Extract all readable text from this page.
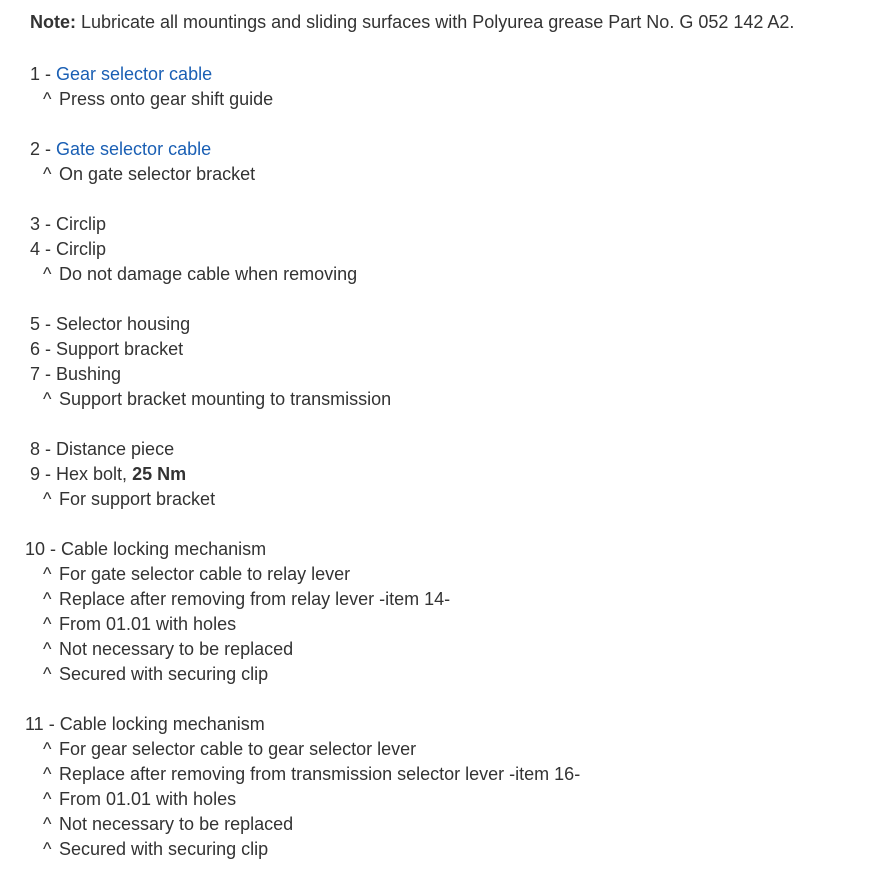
Note: Lubricate all mountings and sliding surfaces with Polyurea grease Part No. G 052 142 A2.
1 - Gear selector cable
^ Press onto gear shift guide
2 - Gate selector cable
^ On gate selector bracket
3 - Circlip
4 - Circlip
^ Do not damage cable when removing
5 - Selector housing
6 - Support bracket
7 - Bushing
^ Support bracket mounting to transmission
8 - Distance piece
9 - Hex bolt, 25 Nm
^ For support bracket
10 - Cable locking mechanism
^ For gate selector cable to relay lever
^ Replace after removing from relay lever -item 14-
^ From 01.01 with holes
^ Not necessary to be replaced
^ Secured with securing clip
11 - Cable locking mechanism
^ For gear selector cable to gear selector lever
^ Replace after removing from transmission selector lever -item 16-
^ From 01.01 with holes
^ Not necessary to be replaced
^ Secured with securing clip
